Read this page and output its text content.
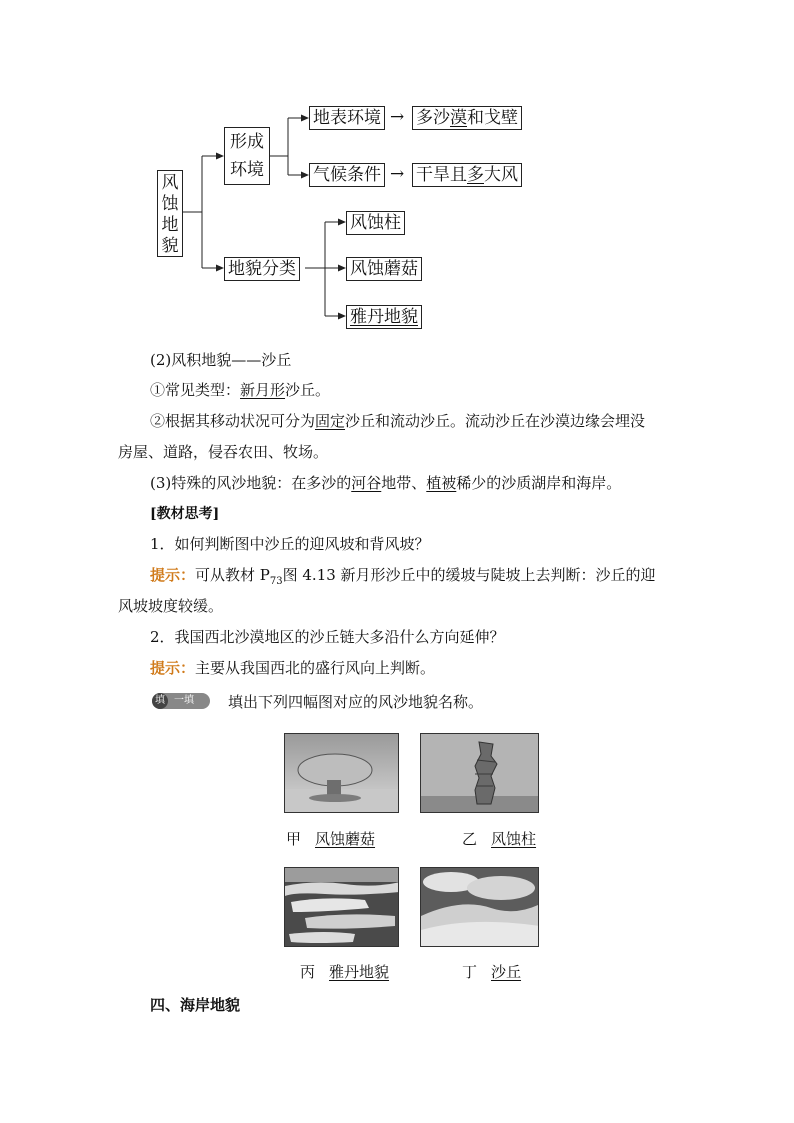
风
蚀
地
貌
形成
环境
地表环境 → 多沙漠和戈壁
气候条件 → 干旱且多大风
地貌分类
风蚀柱
风蚀蘑菇
雅丹地貌
(2)风积地貌——沙丘
①常见类型：新月形沙丘。
②根据其移动状况可分为固定沙丘和流动沙丘。流动沙丘在沙漠边缘会埋没
房屋、道路，侵吞农田、牧场。
(3)特殊的风沙地貌：在多沙的河谷地带、植被稀少的沙质湖岸和海岸。
[教材思考]
1．如何判断图中沙丘的迎风坡和背风坡？
提示：可从教材 $P_{73}$图 4.13 新月形沙丘中的缓坡与陡坡上去判断：沙丘的迎
风坡坡度较缓。
2．我国西北沙漠地区的沙丘链大多沿什么方向延伸？
提示：主要从我国西北的盛行风向上判断。
填 一填	填出下列四幅图对应的风沙地貌名称。
甲 风蚀蘑菇	乙 风蚀柱
丙 雅丹地貌	丁 沙丘
四、海岸地貌
